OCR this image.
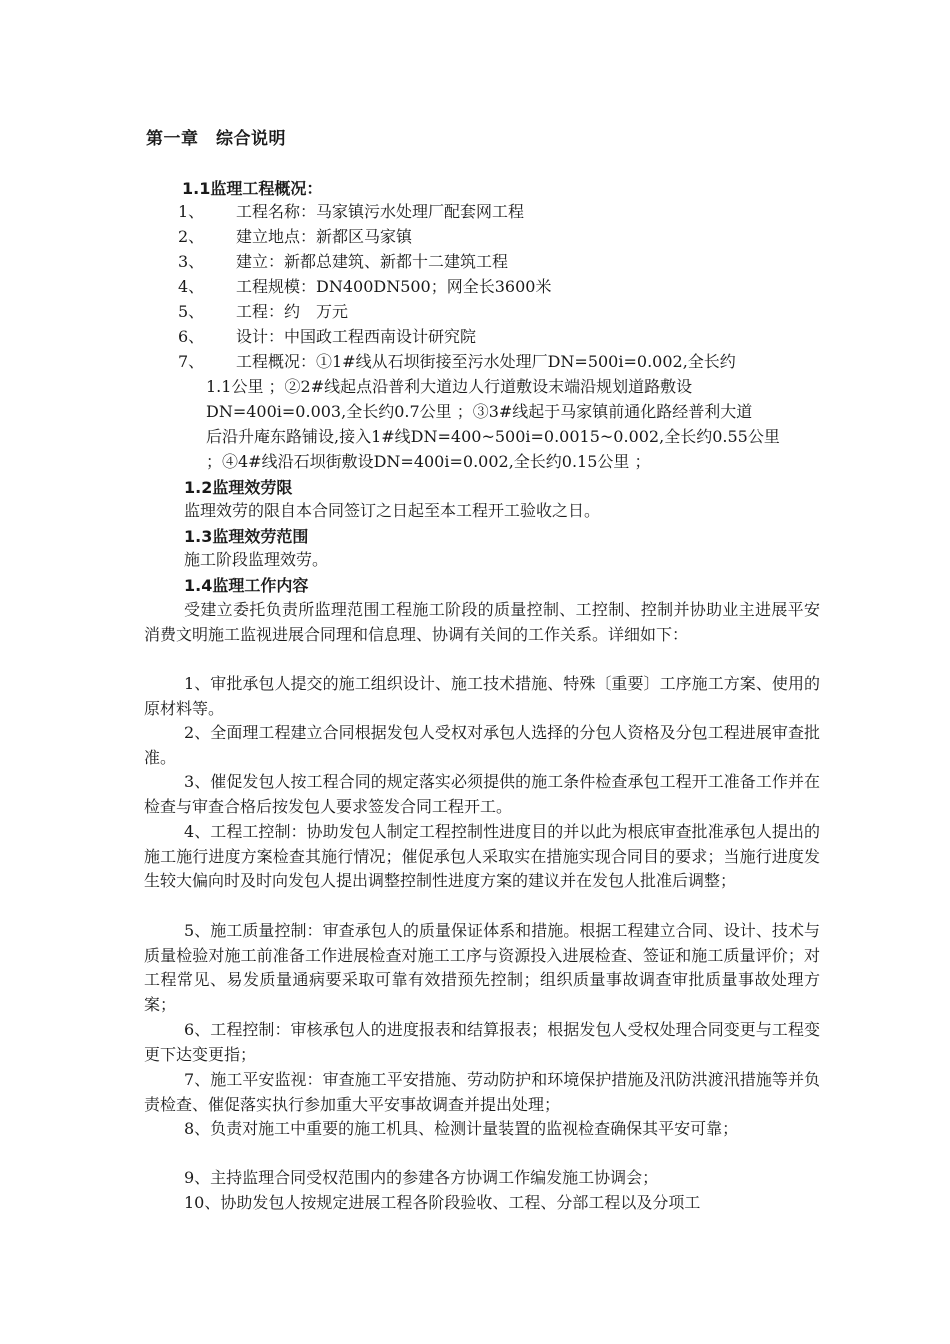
第一章　综合说明
1.1监理工程概况：
1、 工程名称：马家镇污水处理厂配套网工程
2、 建立地点：新都区马家镇
3、 建立：新都总建筑、新都十二建筑工程
4、 工程规模：DN400DN500；网全长3600米
5、 工程：约　万元
6、 设计：中国政工程西南设计研究院
7、 工程概况：①1#线从石坝街接至污水处理厂DN=500i=0.002,全长约
1.1公里 ；②2#线起点沿普利大道边人行道敷设末端沿规划道路敷设
DN=400i=0.003,全长约0.7公里 ；③3#线起于马家镇前通化路经普利大道
后沿升庵东路铺设,接入1#线DN=400~500i=0.0015~0.002,全长约0.55公里
；④4#线沿石坝街敷设DN=400i=0.002,全长约0.15公里 ；
1.2监理效劳限
监理效劳的限自本合同签订之日起至本工程开工验收之日。
1.3监理效劳范围
施工阶段监理效劳。
1.4监理工作内容

受建立委托负责所监理范围工程施工阶段的质量控制、工控制、控制并协助业主进展平安消费文明施工监视进展合同理和信息理、协调有关间的工作关系。详细如下：

1、审批承包人提交的施工组织设计、施工技术措施、特殊〔重要〕工序施工方案、使用的原材料等。

2、全面理工程建立合同根据发包人受权对承包人选择的分包人资格及分包工程进展审查批准。

3、催促发包人按工程合同的规定落实必须提供的施工条件检查承包工程开工准备工作并在检查与审查合格后按发包人要求签发合同工程开工。

4、工程工控制：协助发包人制定工程控制性进度目的并以此为根底审查批准承包人提出的施工施行进度方案检查其施行情况；催促承包人采取实在措施实现合同目的要求；当施行进度发生较大偏向时及时向发包人提出调整控制性进度方案的建议并在发包人批准后调整；

5、施工质量控制：审查承包人的质量保证体系和措施。根据工程建立合同、设计、技术与质量检验对施工前准备工作进展检查对施工工序与资源投入进展检查、签证和施工质量评价；对工程常见、易发质量通病要采取可靠有效措预先控制；组织质量事故调查审批质量事故处理方案；

6、工程控制：审核承包人的进度报表和结算报表；根据发包人受权处理合同变更与工程变更下达变更指；

7、施工平安监视：审查施工平安措施、劳动防护和环境保护措施及汛防洪渡汛措施等并负责检查、催促落实执行参加重大平安事故调查并提出处理；

8、负责对施工中重要的施工机具、检测计量装置的监视检查确保其平安可靠；

9、主持监理合同受权范围内的参建各方协调工作编发施工协调会；

10、协助发包人按规定进展工程各阶段验收、工程、分部工程以及分项工
